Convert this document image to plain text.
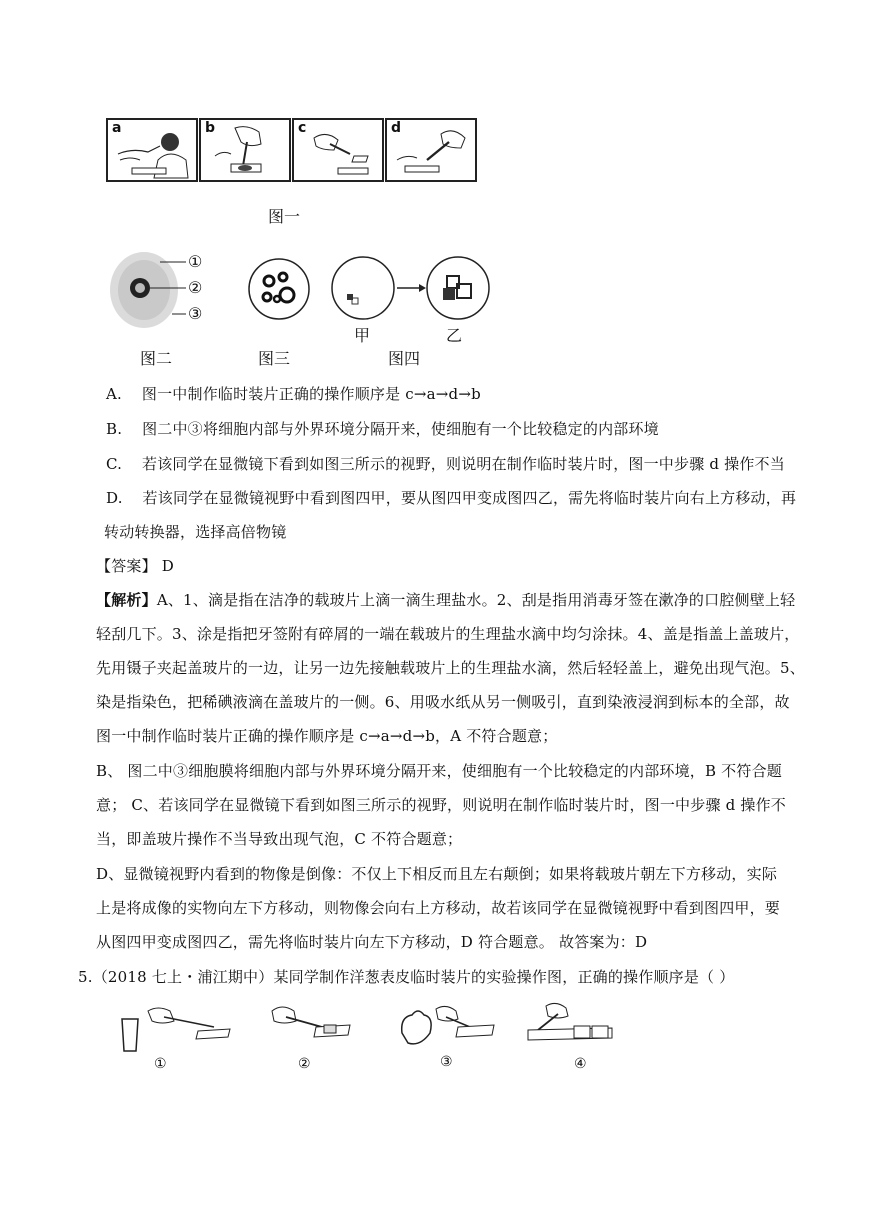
a	b	c	d
图一
①
②
③
图二	图三
甲	乙
图四
A. 图一中制作临时装片正确的操作顺序是 c→a→d→b
B. 图二中③将细胞内部与外界环境分隔开来，使细胞有一个比较稳定的内部环境
C. 若该同学在显微镜下看到如图三所示的视野，则说明在制作临时装片时，图一中步骤 d 操作不当
D. 若该同学在显微镜视野中看到图四甲，要从图四甲变成图四乙，需先将临时装片向右上方移动，再
转动转换器，选择高倍物镜
【答案】 D
【解析】A、1、滴是指在洁净的载玻片上滴一滴生理盐水。2、刮是指用消毒牙签在漱净的口腔侧壁上轻
轻刮几下。3、涂是指把牙签附有碎屑的一端在载玻片的生理盐水滴中均匀涂抹。4、盖是指盖上盖玻片，
先用镊子夹起盖玻片的一边，让另一边先接触载玻片上的生理盐水滴，然后轻轻盖上，避免出现气泡。5、
染是指染色，把稀碘液滴在盖玻片的一侧。6、用吸水纸从另一侧吸引，直到染液浸润到标本的全部，故
图一中制作临时装片正确的操作顺序是 c→a→d→b，A 不符合题意；
B、 图二中③细胞膜将细胞内部与外界环境分隔开来，使细胞有一个比较稳定的内部环境，B 不符合题
意； C、若该同学在显微镜下看到如图三所示的视野，则说明在制作临时装片时，图一中步骤 d 操作不
当，即盖玻片操作不当导致出现气泡，C 不符合题意；
D、显微镜视野内看到的物像是倒像：不仅上下相反而且左右颠倒；如果将载玻片朝左下方移动，实际
上是将成像的实物向左下方移动，则物像会向右上方移动，故若该同学在显微镜视野中看到图四甲，要
从图四甲变成图四乙，需先将临时装片向左下方移动，D 符合题意。 故答案为：D
5.（2018 七上・浦江期中）某同学制作洋葱表皮临时装片的实验操作图，正确的操作顺序是（ ）
①	②	③	④
